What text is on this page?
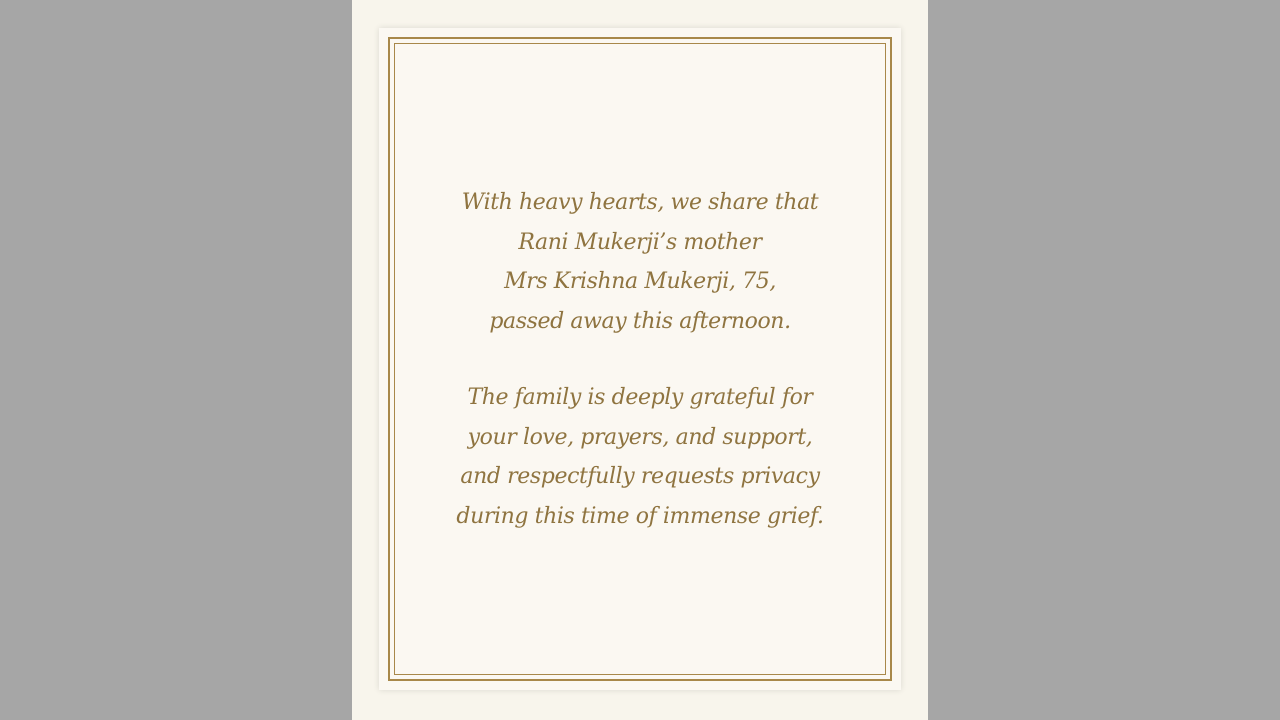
With heavy hearts, we share that

Rani Mukerji’s mother

Mrs Krishna Mukerji, 75,

passed away this afternoon.

The family is deeply grateful for

your love, prayers, and support,

and respectfully requests privacy

during this time of immense grief.
